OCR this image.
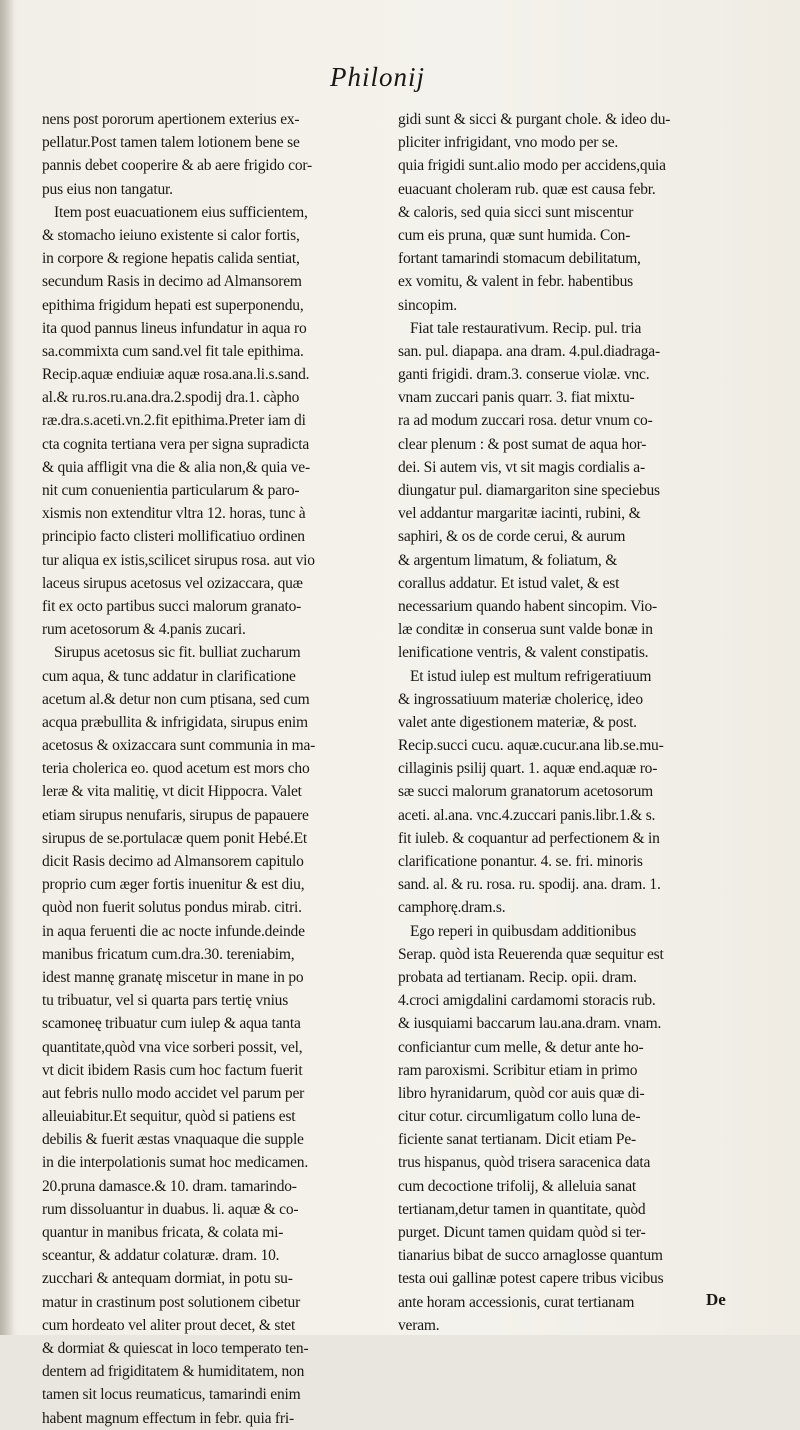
Philonij
nens post pororum apertionem exterius ex-
pellatur.Post tamen talem lotionem bene se
pannis debet cooperire & ab aere frigido cor-
pus eius non tangatur.
Item post euacuationem eius sufficientem,
& stomacho ieiuno existente si calor fortis,
in corpore & regione hepatis calida sentiat,
secundum Rasis in decimo ad Almansorem
epithima frigidum hepati est superponendu,
ita quod pannus lineus infundatur in aqua ro
sa.commixta cum sand.vel fit tale epithima.
Recip.aquæ endiuiæ aquæ rosa.ana.li.s.sand.
al.& ru.ros.ru.ana.dra.2.spodij dra.1. càpho
ræ.dra.s.aceti.vn.2.fit epithima.Preter iam di
cta cognita tertiana vera per signa supradicta
& quia affligit vna die & alia non,& quia ve-
nit cum conuenientia particularum & paro-
xismis non extenditur vltra 12. horas, tunc à
principio facto clisteri mollificatiuo ordinen
tur aliqua ex istis,scilicet sirupus rosa. aut vio
laceus sirupus acetosus vel ozizaccara, quæ
fit ex octo partibus succi malorum granato-
rum acetosorum & 4.panis zucari.
Sirupus acetosus sic fit. bulliat zucharum
cum aqua, & tunc addatur in clarificatione
acetum al.& detur non cum ptisana, sed cum
acqua præbullita & infrigidata, sirupus enim
acetosus & oxizaccara sunt communia in ma-
teria cholerica eo. quod acetum est mors cho
leræ & vita malitię, vt dicit Hippocra. Valet
etiam sirupus nenufaris, sirupus de papauere
sirupus de se.portulacæ quem ponit Hebé.Et
dicit Rasis decimo ad Almansorem capitulo
proprio cum æger fortis inuenitur & est diu,
quòd non fuerit solutus pondus mirab. citri.
in aqua feruenti die ac nocte infunde.deinde
manibus fricatum cum.dra.30. tereniabim,
idest mannę granatę miscetur in mane in po
tu tribuatur, vel si quarta pars tertię vnius
scamoneę tribuatur cum iulep & aqua tanta
quantitate,quòd vna vice sorberi possit, vel,
vt dicit ibidem Rasis cum hoc factum fuerit
aut febris nullo modo accidet vel parum per
alleuiabitur.Et sequitur, quòd si patiens est
debilis & fuerit æstas vnaquaque die supple
in die interpolationis sumat hoc medicamen.
20.pruna damasce.& 10. dram. tamarindo-
rum dissoluantur in duabus. li. aquæ & co-
quantur in manibus fricata, & colata mi-
sceantur, & addatur colaturæ. dram. 10.
zucchari & antequam dormiat, in potu su-
matur in crastinum post solutionem cibetur
cum hordeato vel aliter prout decet, & stet
& dormiat & quiescat in loco temperato ten-
dentem ad frigiditatem & humiditatem, non
tamen sit locus reumaticus, tamarindi enim
habent magnum effectum in febr. quia fri-
gidi sunt & sicci & purgant chole. & ideo du-
pliciter infrigidant, vno modo per se.
quia frigidi sunt.alio modo per accidens,quia
euacuant choleram rub. quæ est causa febr.
& caloris, sed quia sicci sunt miscentur
cum eis pruna, quæ sunt humida. Con-
fortant tamarindi stomacum debilitatum,
ex vomitu, & valent in febr. habentibus
sincopim.
Fiat tale restaurativum. Recip. pul. tria
san. pul. diapapa. ana dram. 4.pul.diadraga-
ganti frigidi. dram.3. conserue violæ. vnc.
vnam zuccari panis quarr. 3. fiat mixtu-
ra ad modum zuccari rosa. detur vnum co-
clear plenum : & post sumat de aqua hor-
dei. Si autem vis, vt sit magis cordialis a-
diungatur pul. diamargariton sine speciebus
vel addantur margaritæ iacinti, rubini, &
saphiri, & os de corde cerui, & aurum
& argentum limatum, & foliatum, &
corallus addatur. Et istud valet, & est
necessarium quando habent sincopim. Vio-
læ conditæ in conserua sunt valde bonæ in
lenificatione ventris, & valent constipatis.
Et istud iulep est multum refrigeratiuum
& ingrossatiuum materiæ cholericę, ideo
valet ante digestionem materiæ, & post.
Recip.succi cucu. aquæ.cucur.ana lib.se.mu-
cillaginis psilij quart. 1. aquæ end.aquæ ro-
sæ succi malorum granatorum acetosorum
aceti. al.ana. vnc.4.zuccari panis.libr.1.& s.
fit iuleb. & coquantur ad perfectionem & in
clarificatione ponantur. 4. se. fri. minoris
sand. al. & ru. rosa. ru. spodij. ana. dram. 1.
camphorę.dram.s.
Ego reperi in quibusdam additionibus
Serap. quòd ista Reuerenda quæ sequitur est
probata ad tertianam. Recip. opii. dram.
4.croci amigdalini cardamomi storacis rub.
& iusquiami baccarum lau.ana.dram. vnam.
conficiantur cum melle, & detur ante ho-
ram paroxismi. Scribitur etiam in primo
libro hyranidarum, quòd cor auis quæ di-
citur cotur. circumligatum collo luna de-
ficiente sanat tertianam. Dicit etiam Pe-
trus hispanus, quòd trisera saracenica data
cum decoctione trifolij, & alleluia sanat
tertianam,detur tamen in quantitate, quòd
purget. Dicunt tamen quidam quòd si ter-
tianarius bibat de succo arnaglosse quantum
testa oui gallinæ potest capere tribus vicibus
ante horam accessionis, curat tertianam
veram.
De
